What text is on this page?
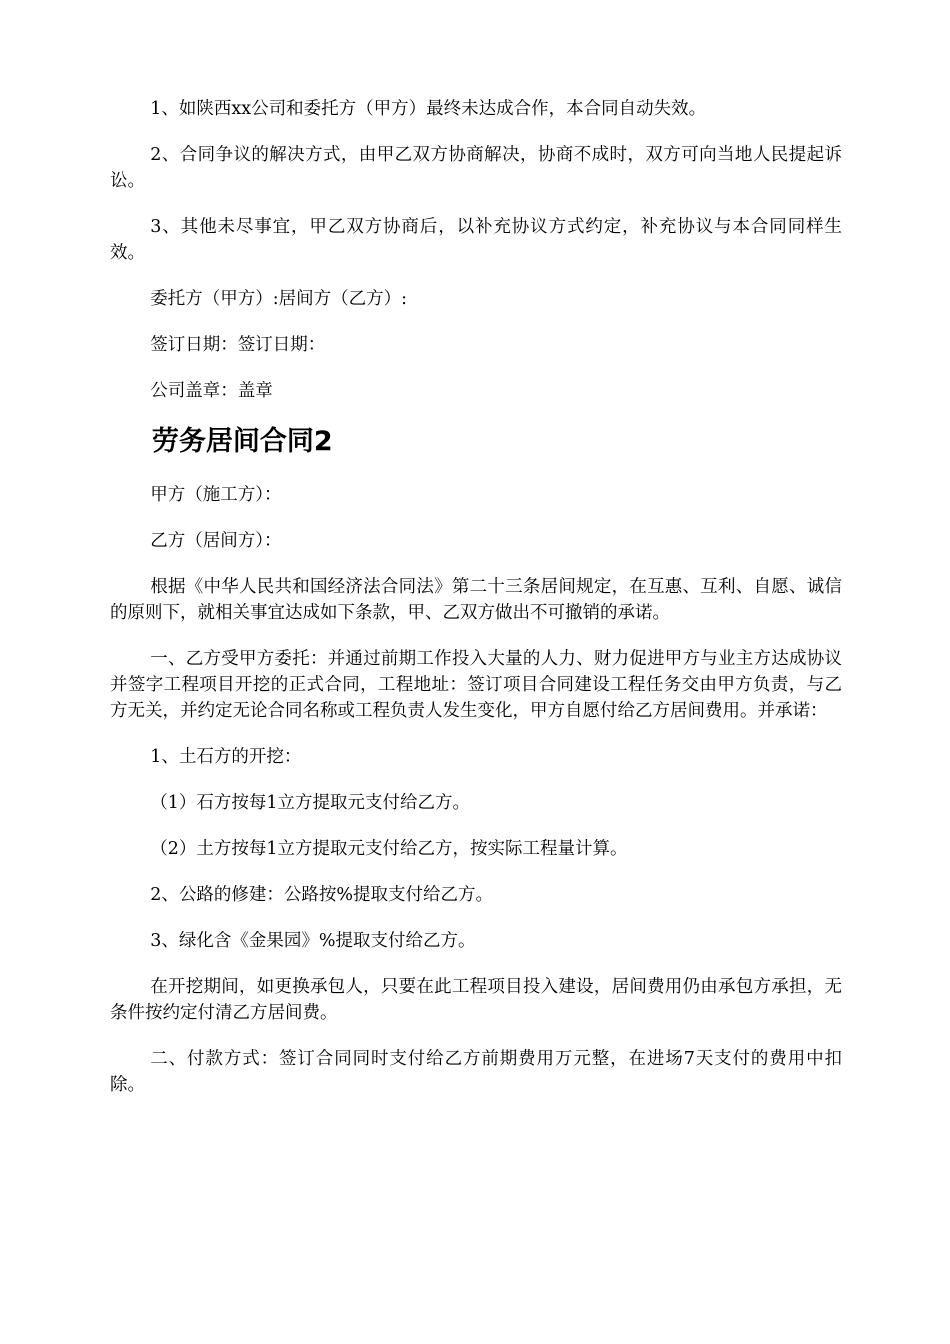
1、如陕西xx公司和委托方（甲方）最终未达成合作，本合同自动失效。

2、合同争议的解决方式，由甲乙双方协商解决，协商不成时，双方可向当地人民提起诉讼。

3、其他未尽事宜，甲乙双方协商后，以补充协议方式约定，补充协议与本合同同样生效。

委托方（甲方）:居间方（乙方）:

签订日期：签订日期：

公司盖章：盖章

劳务居间合同2

甲方（施工方）：

乙方（居间方）：

根据《中华人民共和国经济法合同法》第二十三条居间规定，在互惠、互利、自愿、诚信的原则下，就相关事宜达成如下条款，甲、乙双方做出不可撤销的承诺。

一、乙方受甲方委托：并通过前期工作投入大量的人力、财力促进甲方与业主方达成协议并签字工程项目开挖的正式合同，工程地址：签订项目合同建设工程任务交由甲方负责，与乙方无关，并约定无论合同名称或工程负责人发生变化，甲方自愿付给乙方居间费用。并承诺：

1、土石方的开挖：

（1）石方按每1立方提取元支付给乙方。

（2）土方按每1立方提取元支付给乙方，按实际工程量计算。

2、公路的修建：公路按%提取支付给乙方。

3、绿化含《金果园》%提取支付给乙方。

在开挖期间，如更换承包人，只要在此工程项目投入建设，居间费用仍由承包方承担，无条件按约定付清乙方居间费。

二、付款方式：签订合同同时支付给乙方前期费用万元整，在进场7天支付的费用中扣除。
